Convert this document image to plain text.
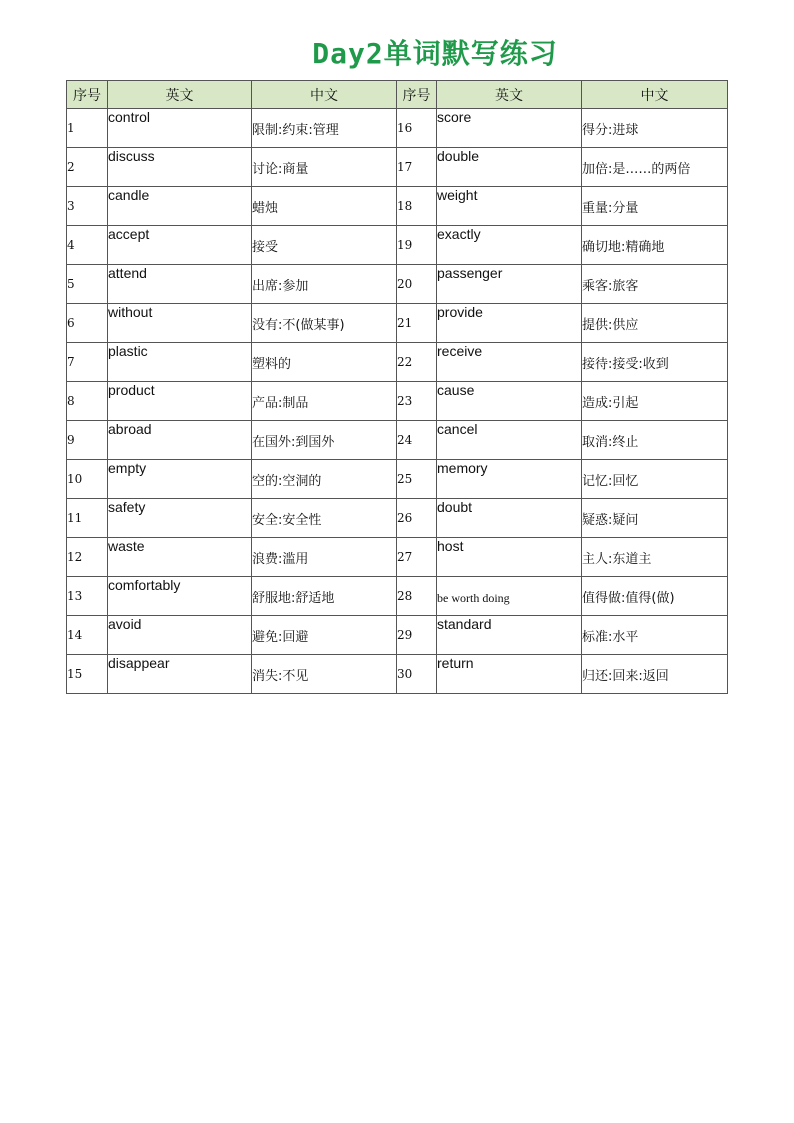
Day2单词默写练习
序号	英文	中文	序号	英文	中文
1	control	限制:约束:管理	16	score	得分:进球
2	discuss	讨论:商量	17	double	加倍:是……的两倍
3	candle	蜡烛	18	weight	重量:分量
4	accept	接受	19	exactly	确切地:精确地
5	attend	出席:参加	20	passenger	乘客:旅客
6	without	没有:不(做某事)	21	provide	提供:供应
7	plastic	塑料的	22	receive	接待:接受:收到
8	product	产品:制品	23	cause	造成:引起
9	abroad	在国外:到国外	24	cancel	取消:终止
10	empty	空的:空洞的	25	memory	记忆:回忆
11	safety	安全:安全性	26	doubt	疑惑:疑问
12	waste	浪费:滥用	27	host	主人:东道主
13	comfortably	舒服地:舒适地	28	be worth doing	值得做:值得(做)
14	avoid	避免:回避	29	standard	标准:水平
15	disappear	消失:不见	30	return	归还:回来:返回
